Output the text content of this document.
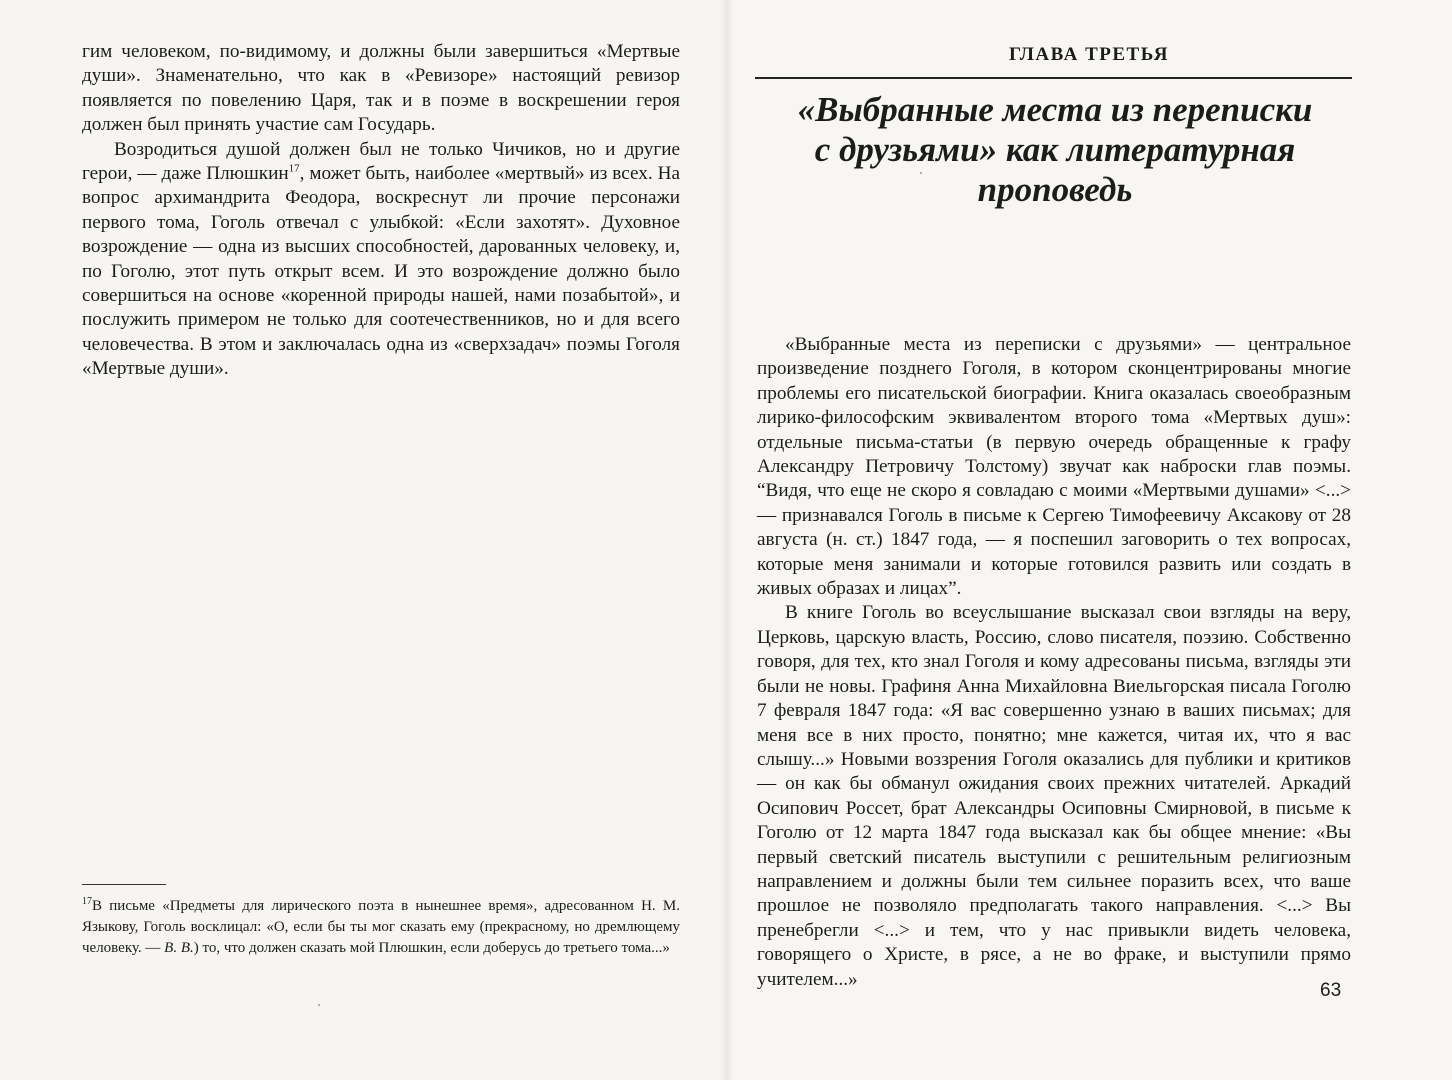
гим человеком, по-видимому, и должны были завершиться «Мертвые души». Знаменательно, что как в «Ревизоре» настоящий ревизор появляется по повелению Царя, так и в поэме в воскрешении героя должен был принять участие сам Государь.

Возродиться душой должен был не только Чичиков, но и другие герои, — даже Плюшкин$^{17}$, может быть, наиболее «мертвый» из всех. На вопрос архимандрита Феодора, воскреснут ли прочие персонажи первого тома, Гоголь отвечал с улыбкой: «Если захотят». Духовное возрождение — одна из высших способностей, дарованных человеку, и, по Гоголю, этот путь открыт всем. И это возрождение должно было совершиться на основе «коренной природы нашей, нами позабытой», и послужить примером не только для соотечественников, но и для всего человечества. В этом и заключалась одна из «сверхзадач» поэмы Гоголя «Мертвые души».

$^{17}$В письме «Предметы для лирического поэта в нынешнее время», адресованном Н. М. Языкову, Гоголь восклицал: «О, если бы ты мог сказать ему (прекрасному, но дремлющему человеку. — В. В.) то, что должен сказать мой Плюшкин, если доберусь до третьего тома...»

ГЛАВА ТРЕТЬЯ
«Выбранные места из переписки
с друзьями» как литературная
проповедь

«Выбранные места из переписки с друзьями» — центральное произведение позднего Гоголя, в котором сконцентрированы многие проблемы его писательской биографии. Книга оказалась своеобразным лирико-философским эквивалентом второго тома «Мертвых душ»: отдельные письма-статьи (в первую очередь обращенные к графу Александру Петровичу Толстому) звучат как наброски глав поэмы. “Видя, что еще не скоро я совладаю с моими «Мертвыми душами» <...> — признавался Гоголь в письме к Сергею Тимофеевичу Аксакову от 28 августа (н. ст.) 1847 года, — я поспешил заговорить о тех вопросах, которые меня занимали и которые готовился развить или создать в живых образах и лицах”.

В книге Гоголь во всеуслышание высказал свои взгляды на веру, Церковь, царскую власть, Россию, слово писателя, поэзию. Собственно говоря, для тех, кто знал Гоголя и кому адресованы письма, взгляды эти были не новы. Графиня Анна Михайловна Виельгорская писала Гоголю 7 февраля 1847 года: «Я вас совершенно узнаю в ваших письмах; для меня все в них просто, понятно; мне кажется, читая их, что я вас слышу...» Новыми воззрения Гоголя оказались для публики и критиков — он как бы обманул ожидания своих прежних читателей. Аркадий Осипович Россет, брат Александры Осиповны Смирновой, в письме к Гоголю от 12 марта 1847 года высказал как бы общее мнение: «Вы первый светский писатель выступили с решительным религиозным направлением и должны были тем сильнее поразить всех, что ваше прошлое не позволяло предполагать такого направления. <...> Вы пренебрегли <...> и тем, что у нас привыкли видеть человека, говорящего о Христе, в рясе, а не во фраке, и выступили прямо учителем...»

63
